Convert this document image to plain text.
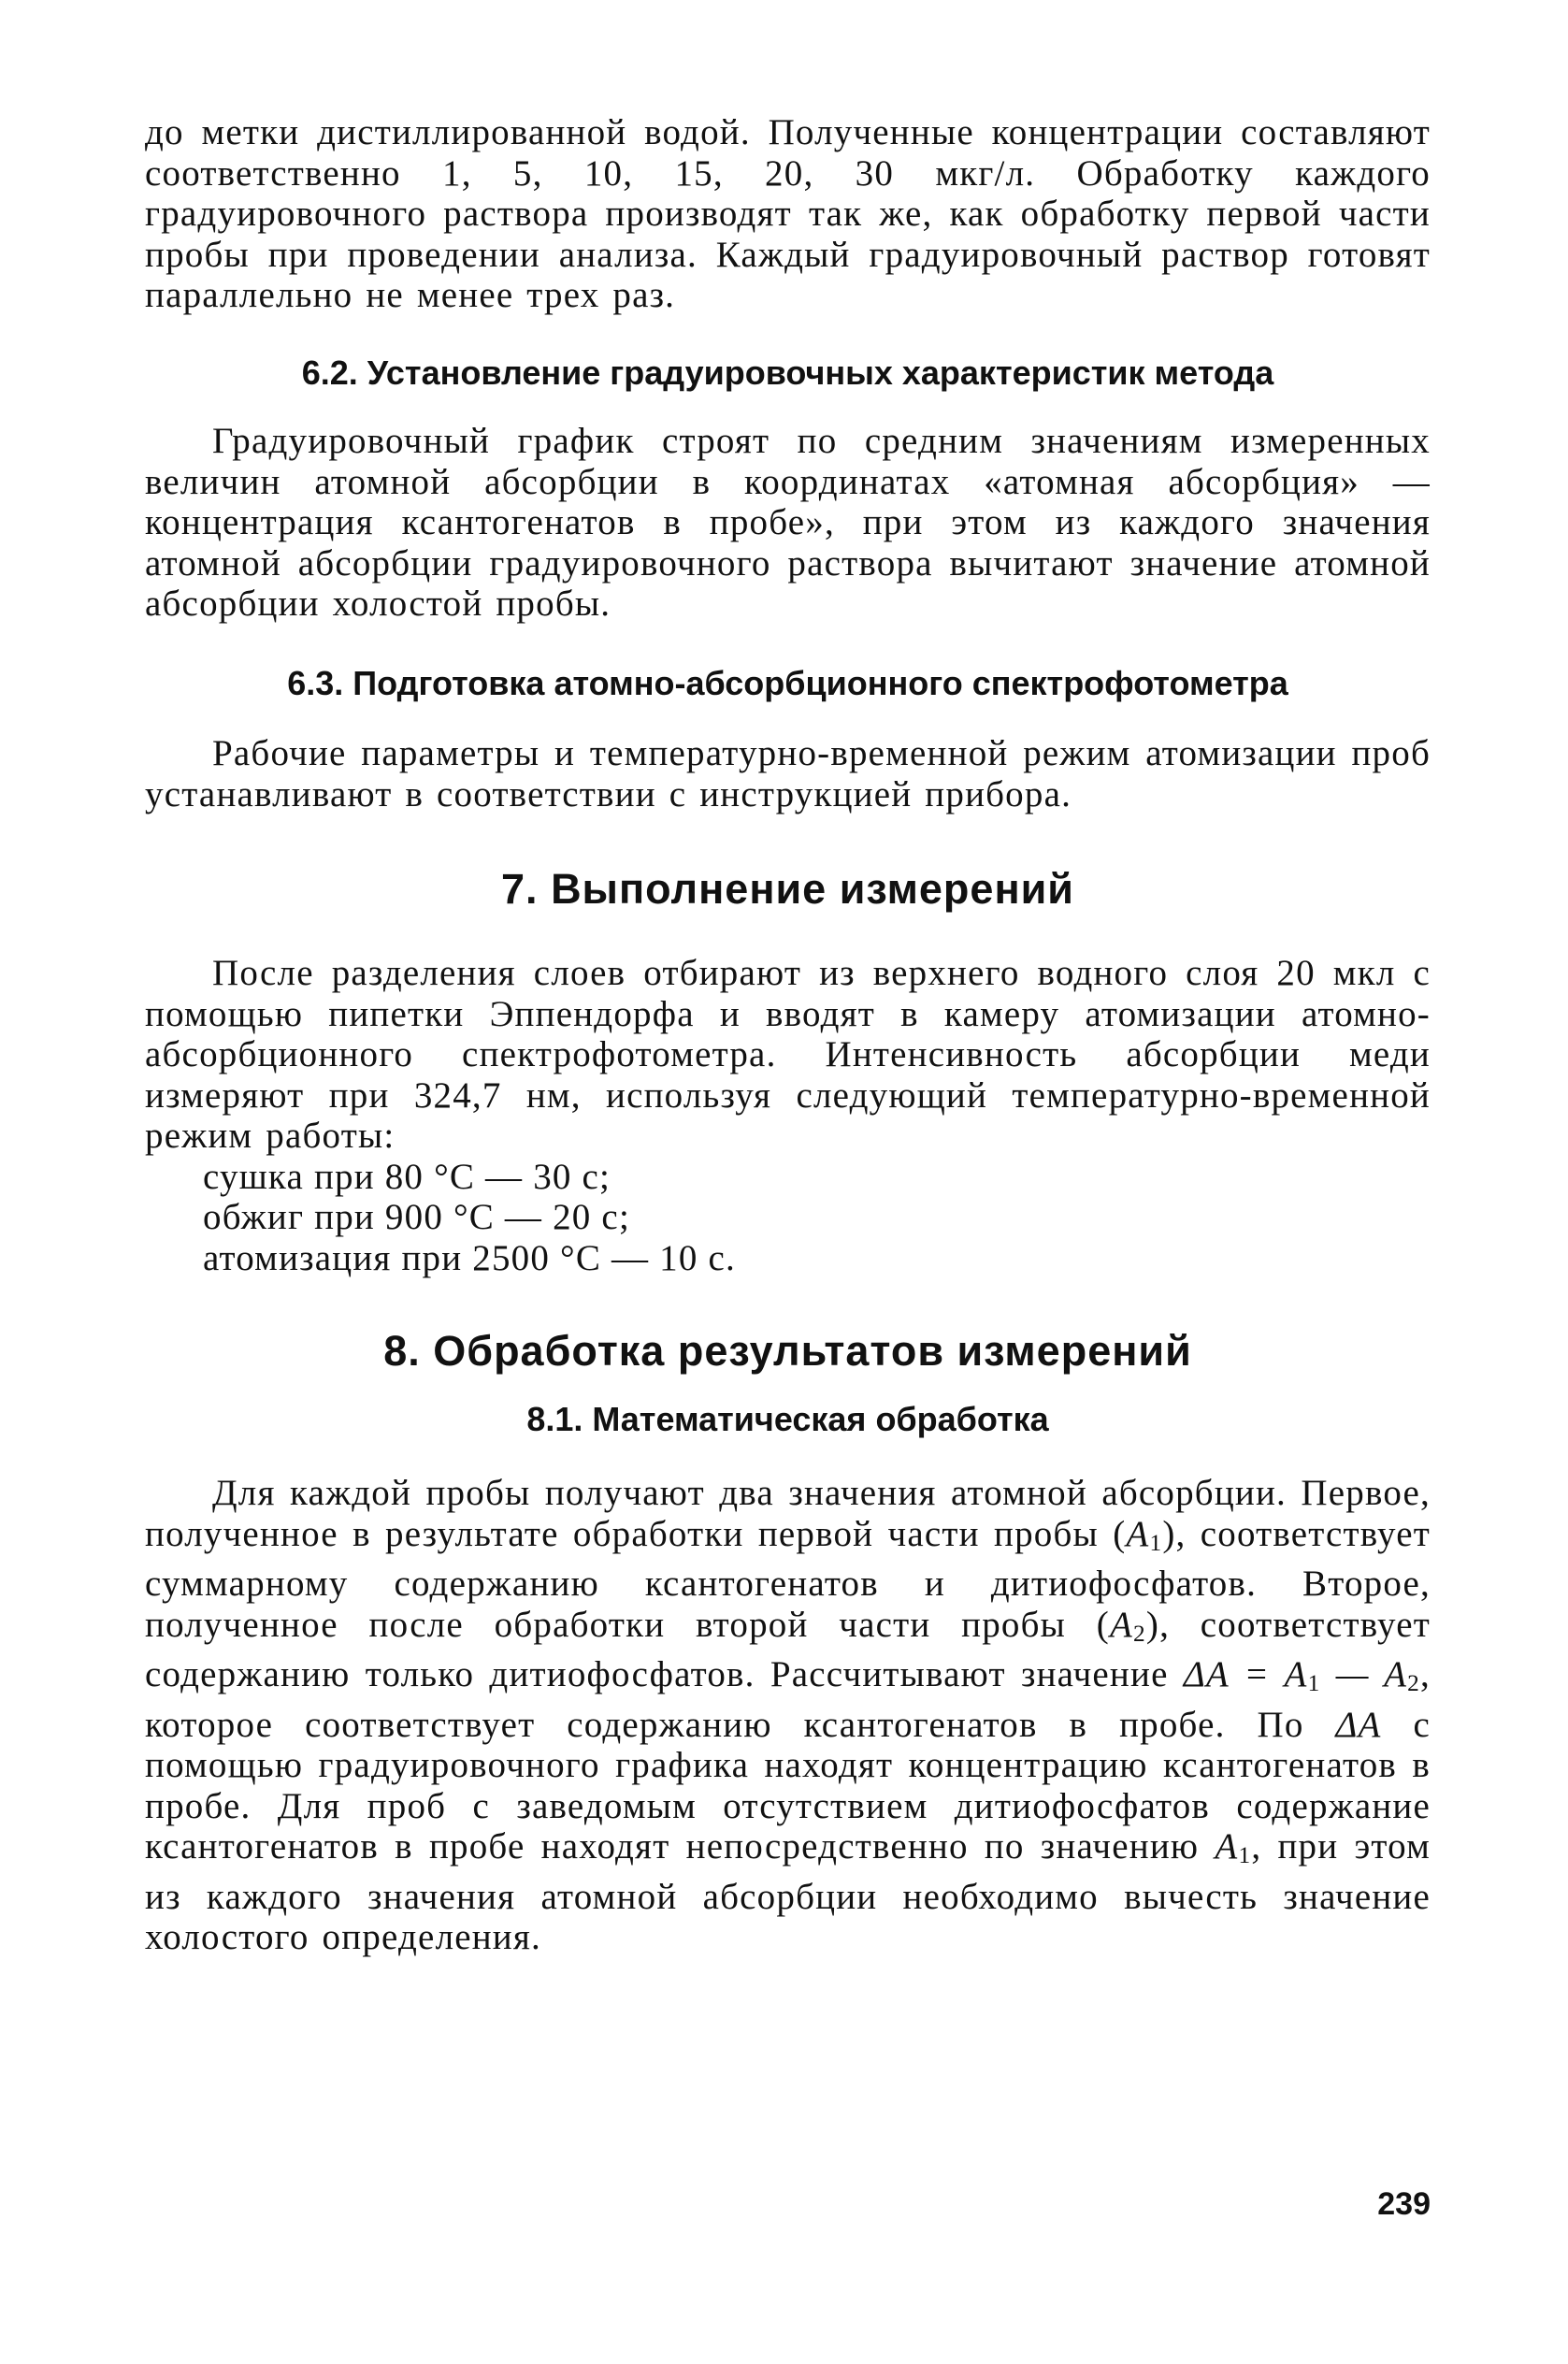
до метки дистиллированной водой. Полученные концентрации составляют соответственно 1, 5, 10, 15, 20, 30 мкг/л. Обработку каждого градуировочного раствора производят так же, как обработку первой части пробы при проведении анализа. Каждый градуировочный раствор готовят параллельно не менее трех раз.

6.2. Установление градуировочных характеристик метода

Градуировочный график строят по средним значениям измеренных величин атомной абсорбции в координатах «атомная абсорбция» — концентрация ксантогенатов в пробе», при этом из каждого значения атомной абсорбции градуировочного раствора вычитают значение атомной абсорбции холостой пробы.

6.3. Подготовка атомно-абсорбционного спектрофотометра

Рабочие параметры и температурно-временной режим атомизации проб устанавливают в соответствии с инструкцией прибора.

7. Выполнение измерений

После разделения слоев отбирают из верхнего водного слоя 20 мкл с помощью пипетки Эппендорфа и вводят в камеру атомизации атомно-абсорбционного спектрофотометра. Интенсивность абсорбции меди измеряют при 324,7 нм, используя следующий температурно-временной режим работы:

сушка при 80 °C — 30 с;
обжиг при 900 °C — 20 с;
атомизация при 2500 °C — 10 с.
8. Обработка результатов измерений
8.1. Математическая обработка

Для каждой пробы получают два значения атомной абсорбции. Первое, полученное в результате обработки первой части пробы $(A_1)$, соответствует суммарному содержанию ксантогенатов и дитиофосфатов. Второе, полученное после обработки второй части пробы $(A_2)$, соответствует содержанию только дитиофосфатов. Рассчитывают значение $\Delta A = A_1$ — $A_2$, которое соответствует содержанию ксантогенатов в пробе. По ΔA с помощью градуировочного графика находят концентрацию ксантогенатов в пробе. Для проб с заведомым отсутствием дитиофосфатов содержание ксантогенатов в пробе находят непосредственно по значению $A_1$, при этом из каждого значения атомной абсорбции необходимо вычесть значение холостого определения.

239
